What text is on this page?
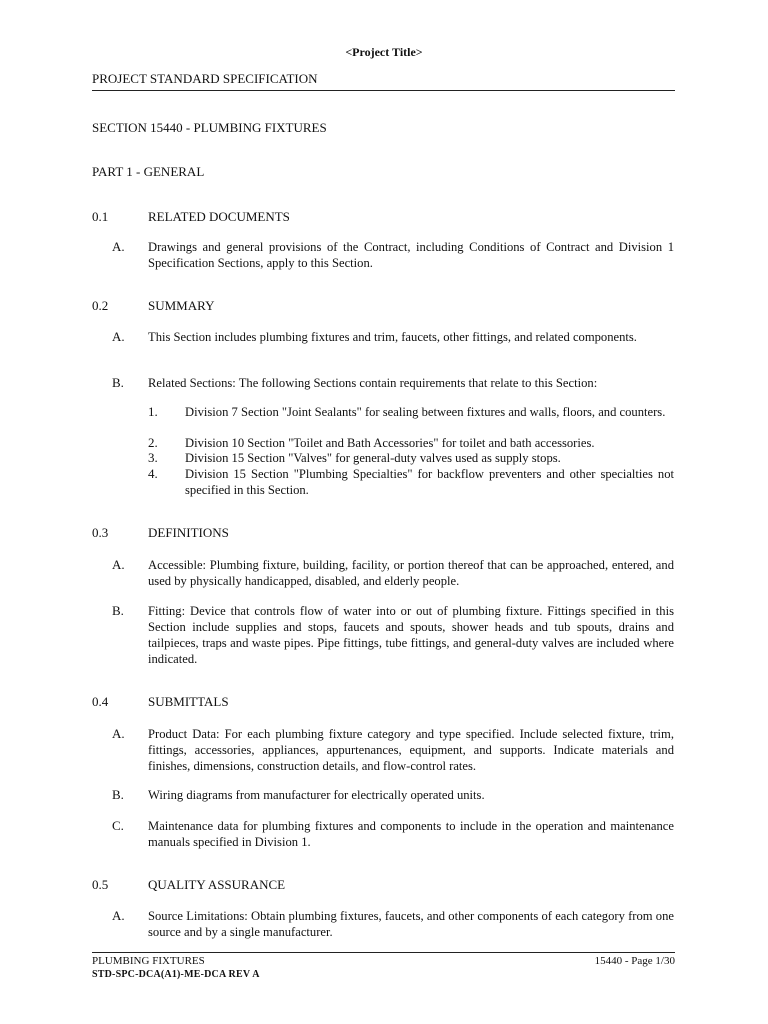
<Project Title>
PROJECT STANDARD SPECIFICATION
SECTION 15440 - PLUMBING FIXTURES
PART 1 - GENERAL
0.1	RELATED DOCUMENTS
A. Drawings and general provisions of the Contract, including Conditions of Contract and Division 1 Specification Sections, apply to this Section.
0.2	SUMMARY
A. This Section includes plumbing fixtures and trim, faucets, other fittings, and related components.
B. Related Sections: The following Sections contain requirements that relate to this Section:
1. Division 7 Section "Joint Sealants" for sealing between fixtures and walls, floors, and counters.
2. Division 10 Section "Toilet and Bath Accessories" for toilet and bath accessories.
3. Division 15 Section "Valves" for general-duty valves used as supply stops.
4. Division 15 Section "Plumbing Specialties" for backflow preventers and other specialties not specified in this Section.
0.3	DEFINITIONS
A. Accessible: Plumbing fixture, building, facility, or portion thereof that can be approached, entered, and used by physically handicapped, disabled, and elderly people.
B. Fitting: Device that controls flow of water into or out of plumbing fixture. Fittings specified in this Section include supplies and stops, faucets and spouts, shower heads and tub spouts, drains and tailpieces, traps and waste pipes. Pipe fittings, tube fittings, and general-duty valves are included where indicated.
0.4	SUBMITTALS
A. Product Data: For each plumbing fixture category and type specified. Include selected fixture, trim, fittings, accessories, appliances, appurtenances, equipment, and supports. Indicate materials and finishes, dimensions, construction details, and flow-control rates.
B. Wiring diagrams from manufacturer for electrically operated units.
C. Maintenance data for plumbing fixtures and components to include in the operation and maintenance manuals specified in Division 1.
0.5	QUALITY ASSURANCE
A. Source Limitations: Obtain plumbing fixtures, faucets, and other components of each category from one source and by a single manufacturer.
PLUMBING FIXTURES	15440 - Page 1/30
STD-SPC-DCA(A1)-ME-DCA REV A
